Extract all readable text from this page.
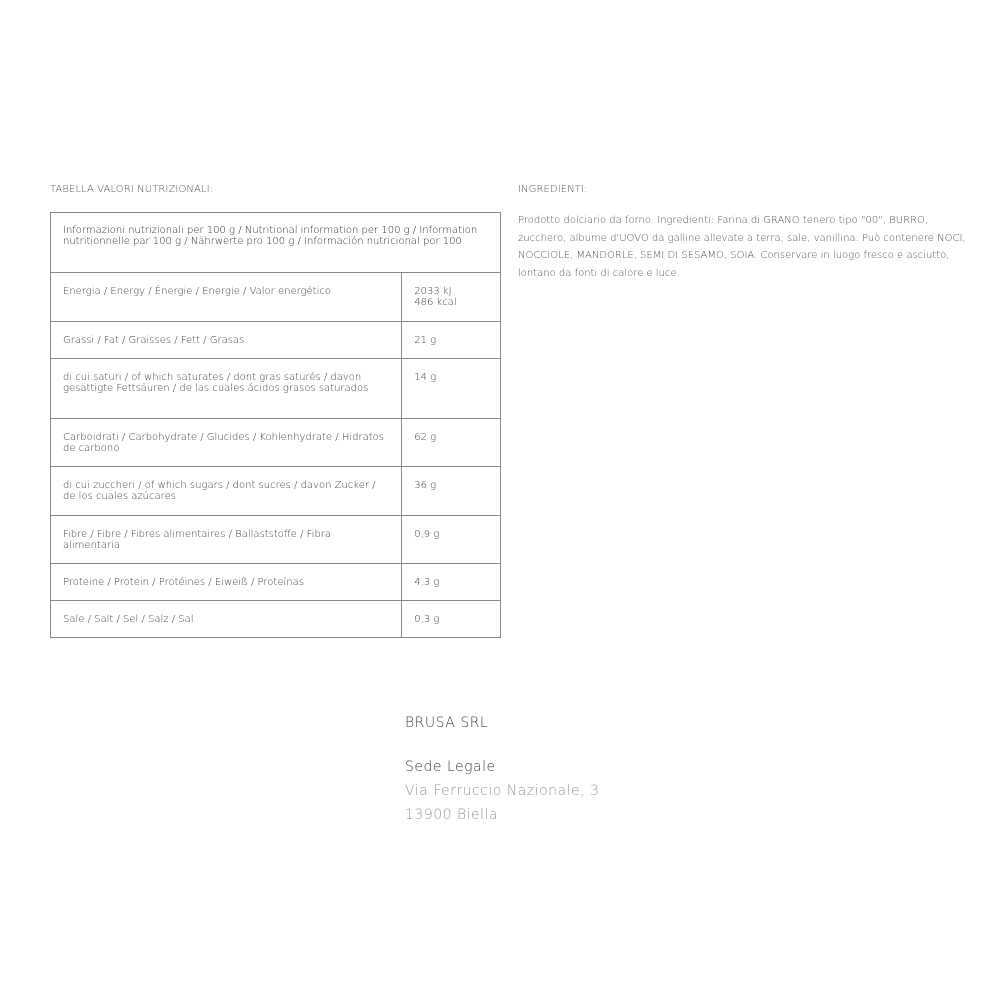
TABELLA VALORI NUTRIZIONALI:
Informazioni nutrizionali per 100 g / Nutritional information per 100 g / Information nutritionnelle par 100 g / Nährwerte pro 100 g / Información nutricional por 100	
Energia / Energy / Énergie / Energie / Valor energético	2033 kJ
486 kcal

Grassi / Fat / Graisses / Fett / Grasas	21 g
di cui saturi / of which saturates / dont gras saturés / davon gesättigte Fettsäuren / de las cuales ácidos grasos saturados	14 g
Carboidrati / Carbohydrate / Glucides / Kohlenhydrate / Hidratos de carbono	62 g
di cui zuccheri / of which sugars / dont sucres / davon Zucker / de los cuales azúcares	36 g
Fibre / Fibre / Fibres alimentaires / Ballaststoffe / Fibra alimentaria	0,9 g
Proteine / Protein / Protéines / Eiweiß / Proteínas	4,3 g
Sale / Salt / Sel / Salz / Sal	0,3 g
INGREDIENTI:

Prodotto dolciario da forno. Ingredienti: Farina di GRANO tenero tipo "00", BURRO, zucchero, albume d'UOVO da galline allevate a terra, sale, vanillina. Può contenere NOCI, NOCCIOLE, MANDORLE, SEMI DI SESAMO, SOIA. Conservare in luogo fresco e asciutto, lontano da fonti di calore e luce.

BRUSA SRL

Sede Legale

Via Ferruccio Nazionale, 3

13900 Biella
